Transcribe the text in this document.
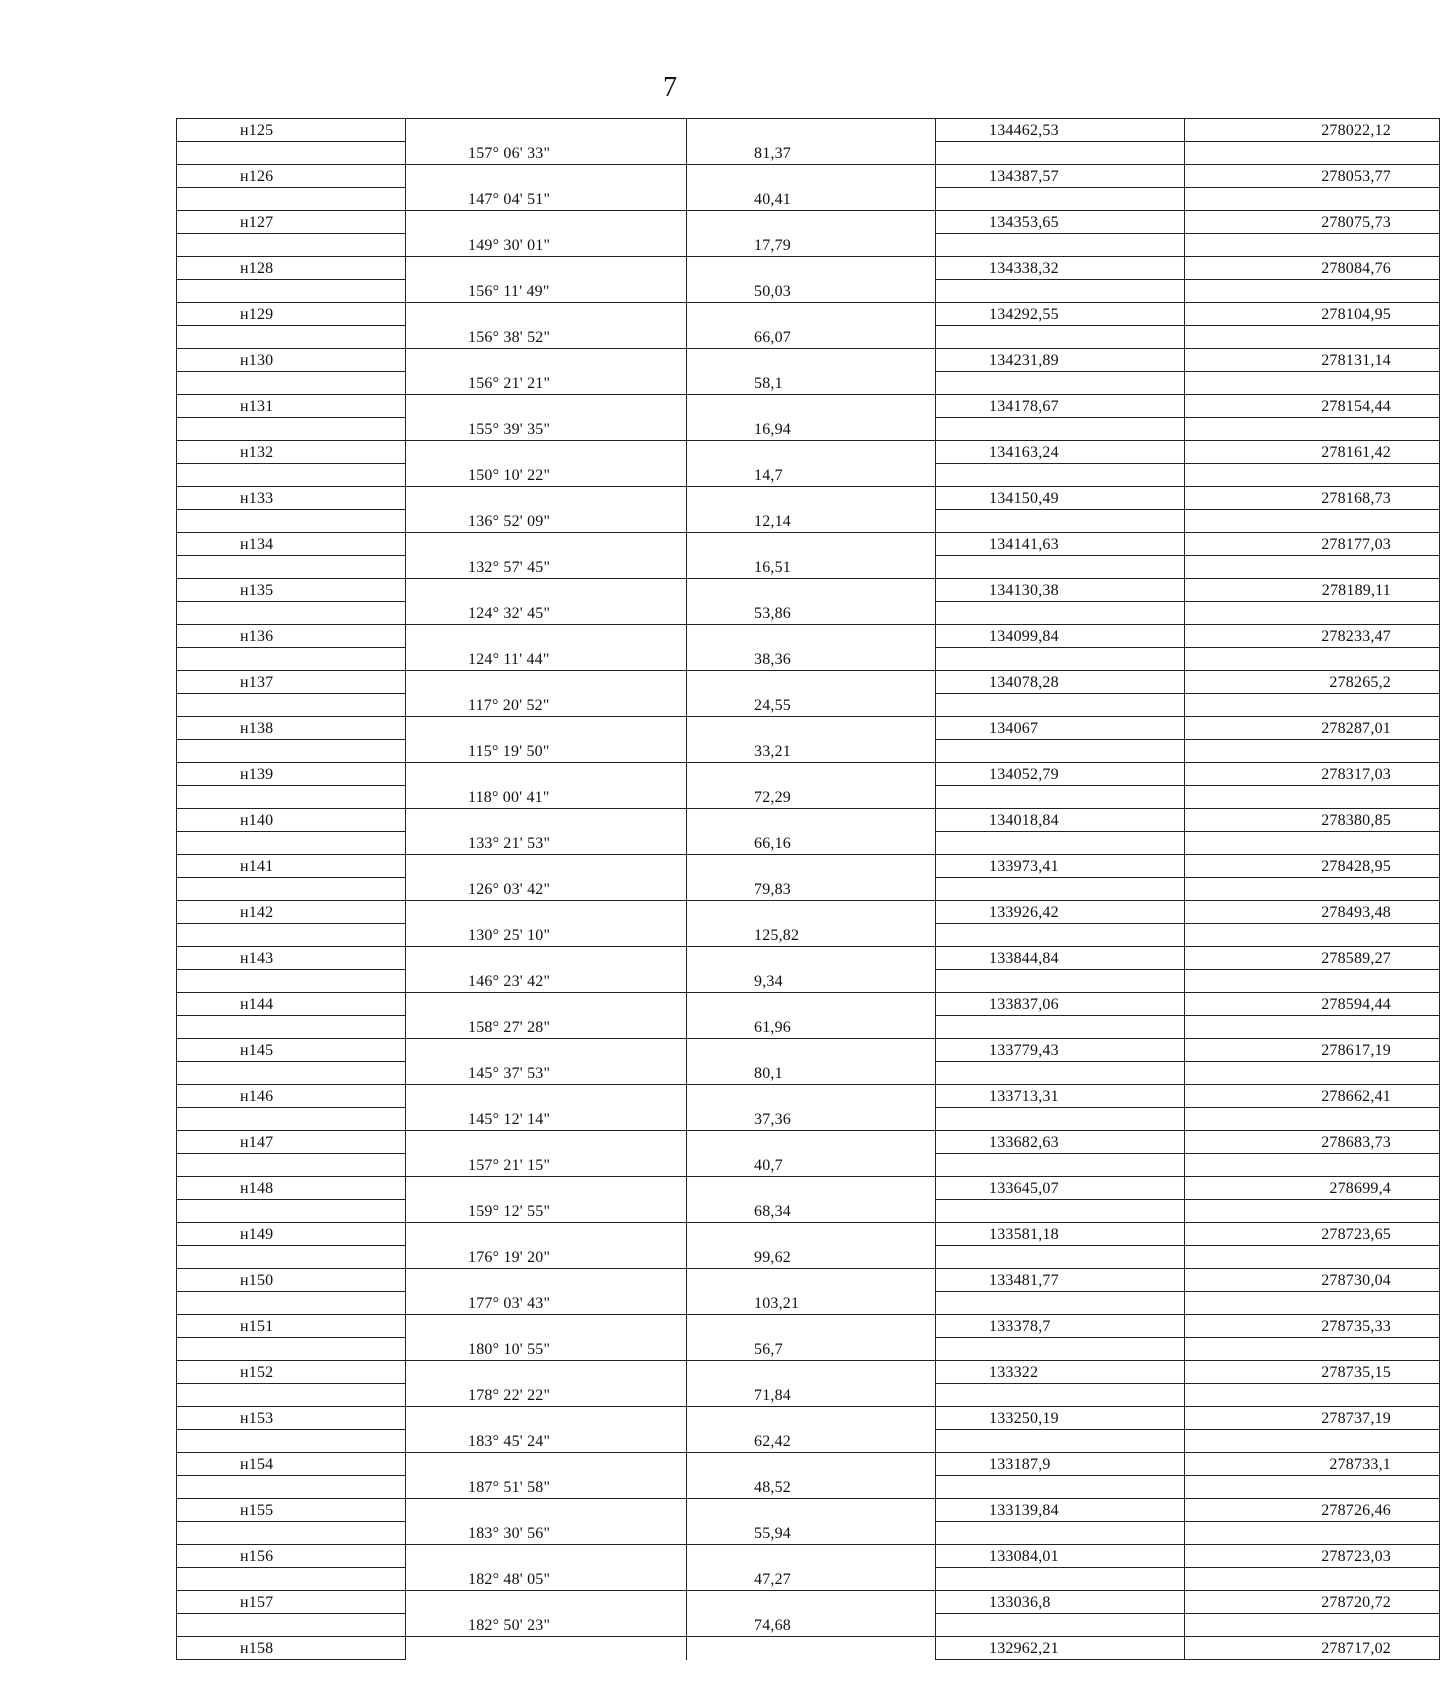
7
н125			134462,53	278022,12
	157° 06' 33"	81,37		
н126			134387,57	278053,77
	147° 04' 51"	40,41		
н127			134353,65	278075,73
	149° 30' 01"	17,79		
н128			134338,32	278084,76
	156° 11' 49"	50,03		
н129			134292,55	278104,95
	156° 38' 52"	66,07		
н130			134231,89	278131,14
	156° 21' 21"	58,1		
н131			134178,67	278154,44
	155° 39' 35"	16,94		
н132			134163,24	278161,42
	150° 10' 22"	14,7		
н133			134150,49	278168,73
	136° 52' 09"	12,14		
н134			134141,63	278177,03
	132° 57' 45"	16,51		
н135			134130,38	278189,11
	124° 32' 45"	53,86		
н136			134099,84	278233,47
	124° 11' 44"	38,36		
н137			134078,28	278265,2
	117° 20' 52"	24,55		
н138			134067	278287,01
	115° 19' 50"	33,21		
н139			134052,79	278317,03
	118° 00' 41"	72,29		
н140			134018,84	278380,85
	133° 21' 53"	66,16		
н141			133973,41	278428,95
	126° 03' 42"	79,83		
н142			133926,42	278493,48
	130° 25' 10"	125,82		
н143			133844,84	278589,27
	146° 23' 42"	9,34		
н144			133837,06	278594,44
	158° 27' 28"	61,96		
н145			133779,43	278617,19
	145° 37' 53"	80,1		
н146			133713,31	278662,41
	145° 12' 14"	37,36		
н147			133682,63	278683,73
	157° 21' 15"	40,7		
н148			133645,07	278699,4
	159° 12' 55"	68,34		
н149			133581,18	278723,65
	176° 19' 20"	99,62		
н150			133481,77	278730,04
	177° 03' 43"	103,21		
н151			133378,7	278735,33
	180° 10' 55"	56,7		
н152			133322	278735,15
	178° 22' 22"	71,84		
н153			133250,19	278737,19
	183° 45' 24"	62,42		
н154			133187,9	278733,1
	187° 51' 58"	48,52		
н155			133139,84	278726,46
	183° 30' 56"	55,94		
н156			133084,01	278723,03
	182° 48' 05"	47,27		
н157			133036,8	278720,72
	182° 50' 23"	74,68		
н158			132962,21	278717,02
